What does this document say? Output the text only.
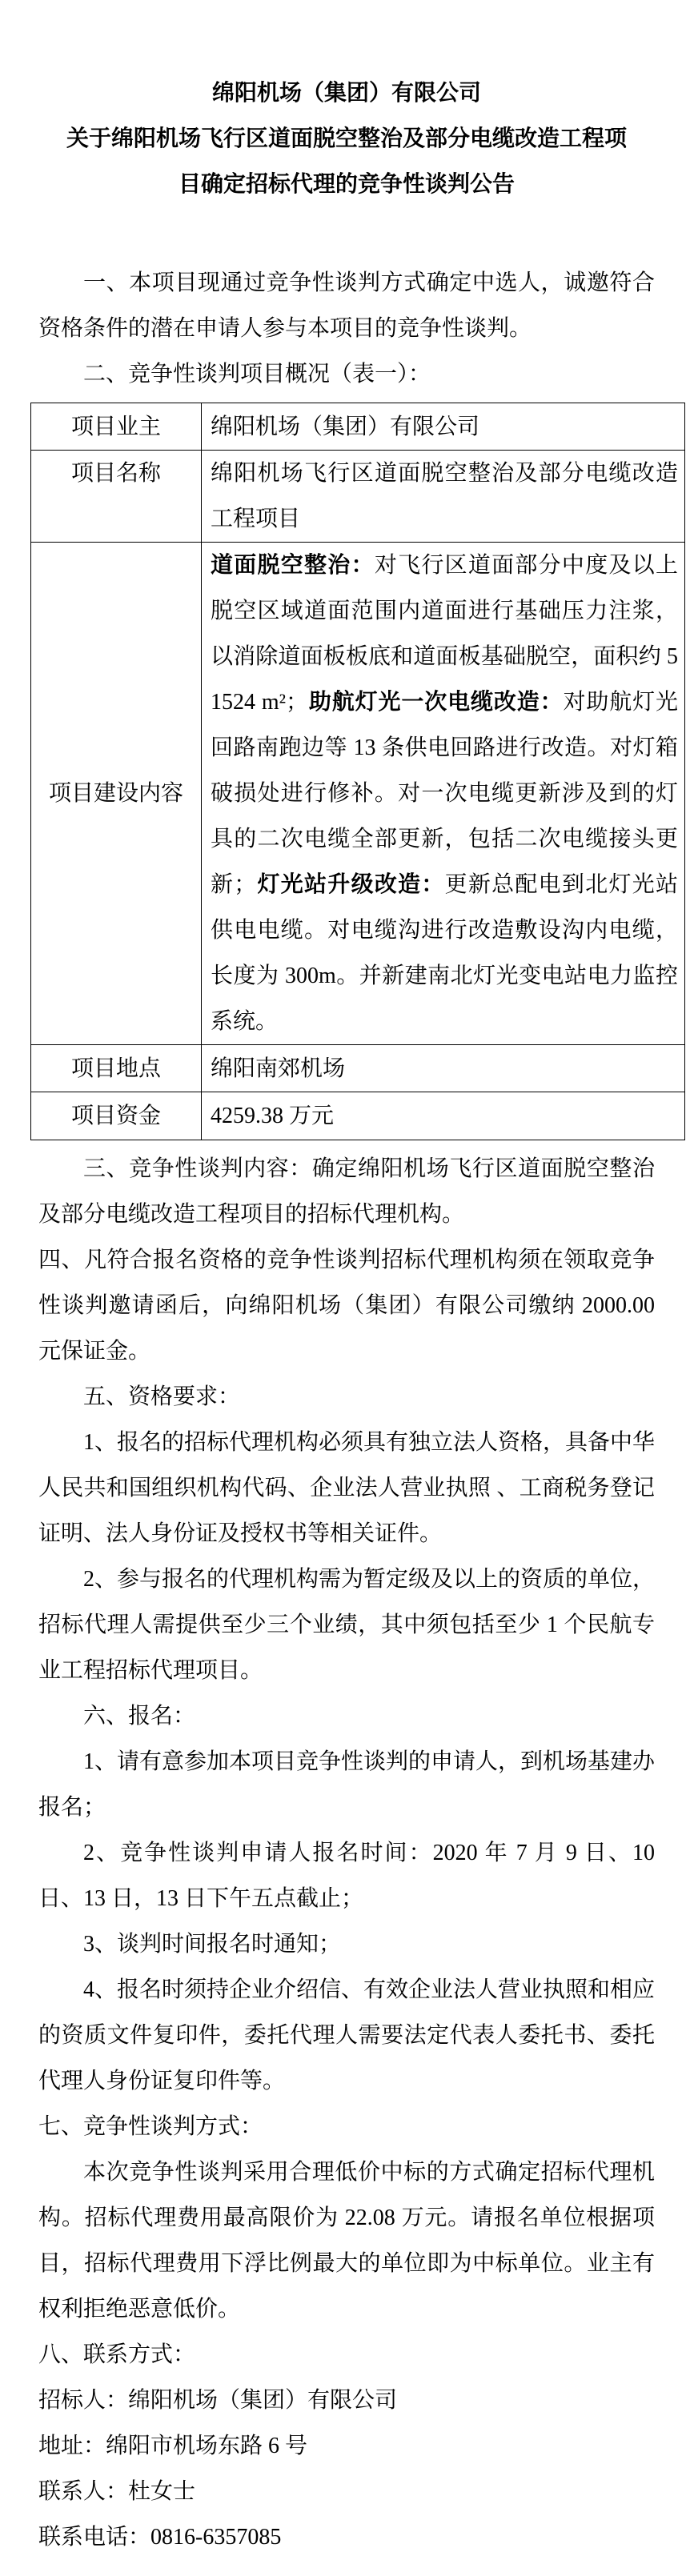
绵阳机场（集团）有限公司

关于绵阳机场飞行区道面脱空整治及部分电缆改造工程项目确定招标代理的竞争性谈判公告

一、本项目现通过竞争性谈判方式确定中选人，诚邀符合资格条件的潜在申请人参与本项目的竞争性谈判。

二、竞争性谈判项目概况（表一）：

项目业主	绵阳机场（集团）有限公司
项目名称	绵阳机场飞行区道面脱空整治及部分电缆改造工程项目
项目建设内容	道面脱空整治：对飞行区道面部分中度及以上脱空区域道面范围内道面进行基础压力注浆，以消除道面板板底和道面板基础脱空，面积约 51524 m²；助航灯光一次电缆改造：对助航灯光回路南跑边等 13 条供电回路进行改造。对灯箱破损处进行修补。对一次电缆更新涉及到的灯具的二次电缆全部更新，包括二次电缆接头更新；灯光站升级改造：更新总配电到北灯光站供电电缆。对电缆沟进行改造敷设沟内电缆，长度为 300m。并新建南北灯光变电站电力监控系统。
项目地点	绵阳南郊机场
项目资金	4259.38 万元

三、竞争性谈判内容：确定绵阳机场飞行区道面脱空整治及部分电缆改造工程项目的招标代理机构。

四、凡符合报名资格的竞争性谈判招标代理机构须在领取竞争性谈判邀请函后，向绵阳机场（集团）有限公司缴纳 2000.00 元保证金。

五、资格要求：

1、报名的招标代理机构必须具有独立法人资格，具备中华人民共和国组织机构代码、企业法人营业执照 、工商税务登记证明、法人身份证及授权书等相关证件。

2、参与报名的代理机构需为暂定级及以上的资质的单位，招标代理人需提供至少三个业绩，其中须包括至少 1 个民航专业工程招标代理项目。

六、报名：

1、请有意参加本项目竞争性谈判的申请人，到机场基建办报名；

2、竞争性谈判申请人报名时间：2020 年 7 月 9 日、10 日、13 日，13 日下午五点截止；

3、谈判时间报名时通知；

4、报名时须持企业介绍信、有效企业法人营业执照和相应的资质文件复印件，委托代理人需要法定代表人委托书、委托代理人身份证复印件等。

七、竞争性谈判方式：

本次竞争性谈判采用合理低价中标的方式确定招标代理机构。招标代理费用最高限价为 22.08 万元。请报名单位根据项目，招标代理费用下浮比例最大的单位即为中标单位。业主有权利拒绝恶意低价。

八、联系方式：

招标人：绵阳机场（集团）有限公司

地址：绵阳市机场东路 6 号

联系人：杜女士

联系电话：0816-6357085
